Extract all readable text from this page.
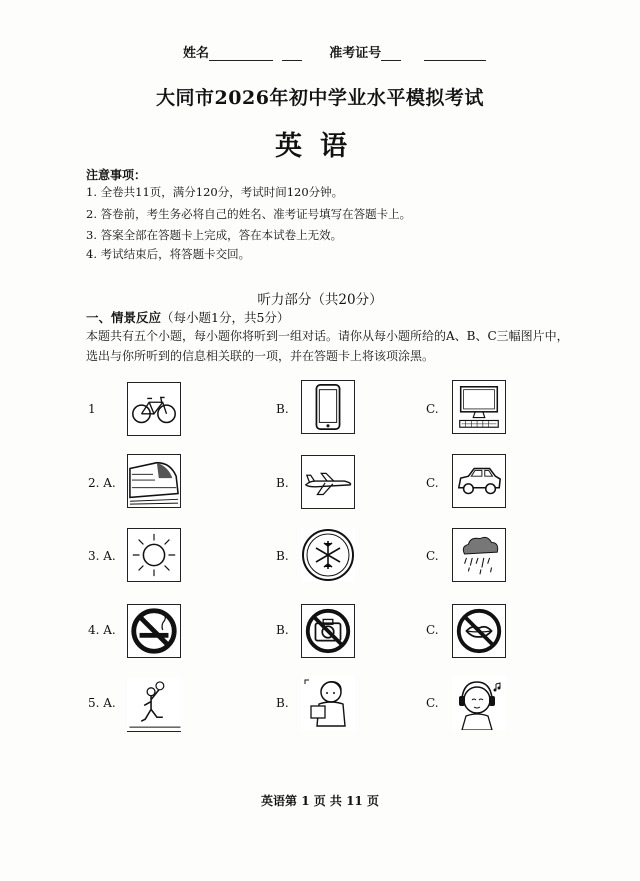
姓名	准考证号
大同市2026年初中学业水平模拟考试
英语
注意事项：
1. 全卷共11页，满分120分，考试时间120分钟。
2. 答卷前，考生务必将自己的姓名、准考证号填写在答题卡上。
3. 答案全部在答题卡上完成，答在本试卷上无效。
4. 考试结束后，将答题卡交回。
听力部分（共20分）
一、情景反应（每小题1分，共5分）
本题共有五个小题，每小题你将听到一组对话。请你从每小题所给的A、B、C三幅图片中，
选出与你所听到的信息相关联的一项，并在答题卡上将该项涂黑。
1	B.	C.
2. A.	B.	C.
3. A.	B.	C.
4. A.	B.	C.
5. A.	B.	C.
英语第 1 页 共 11 页
